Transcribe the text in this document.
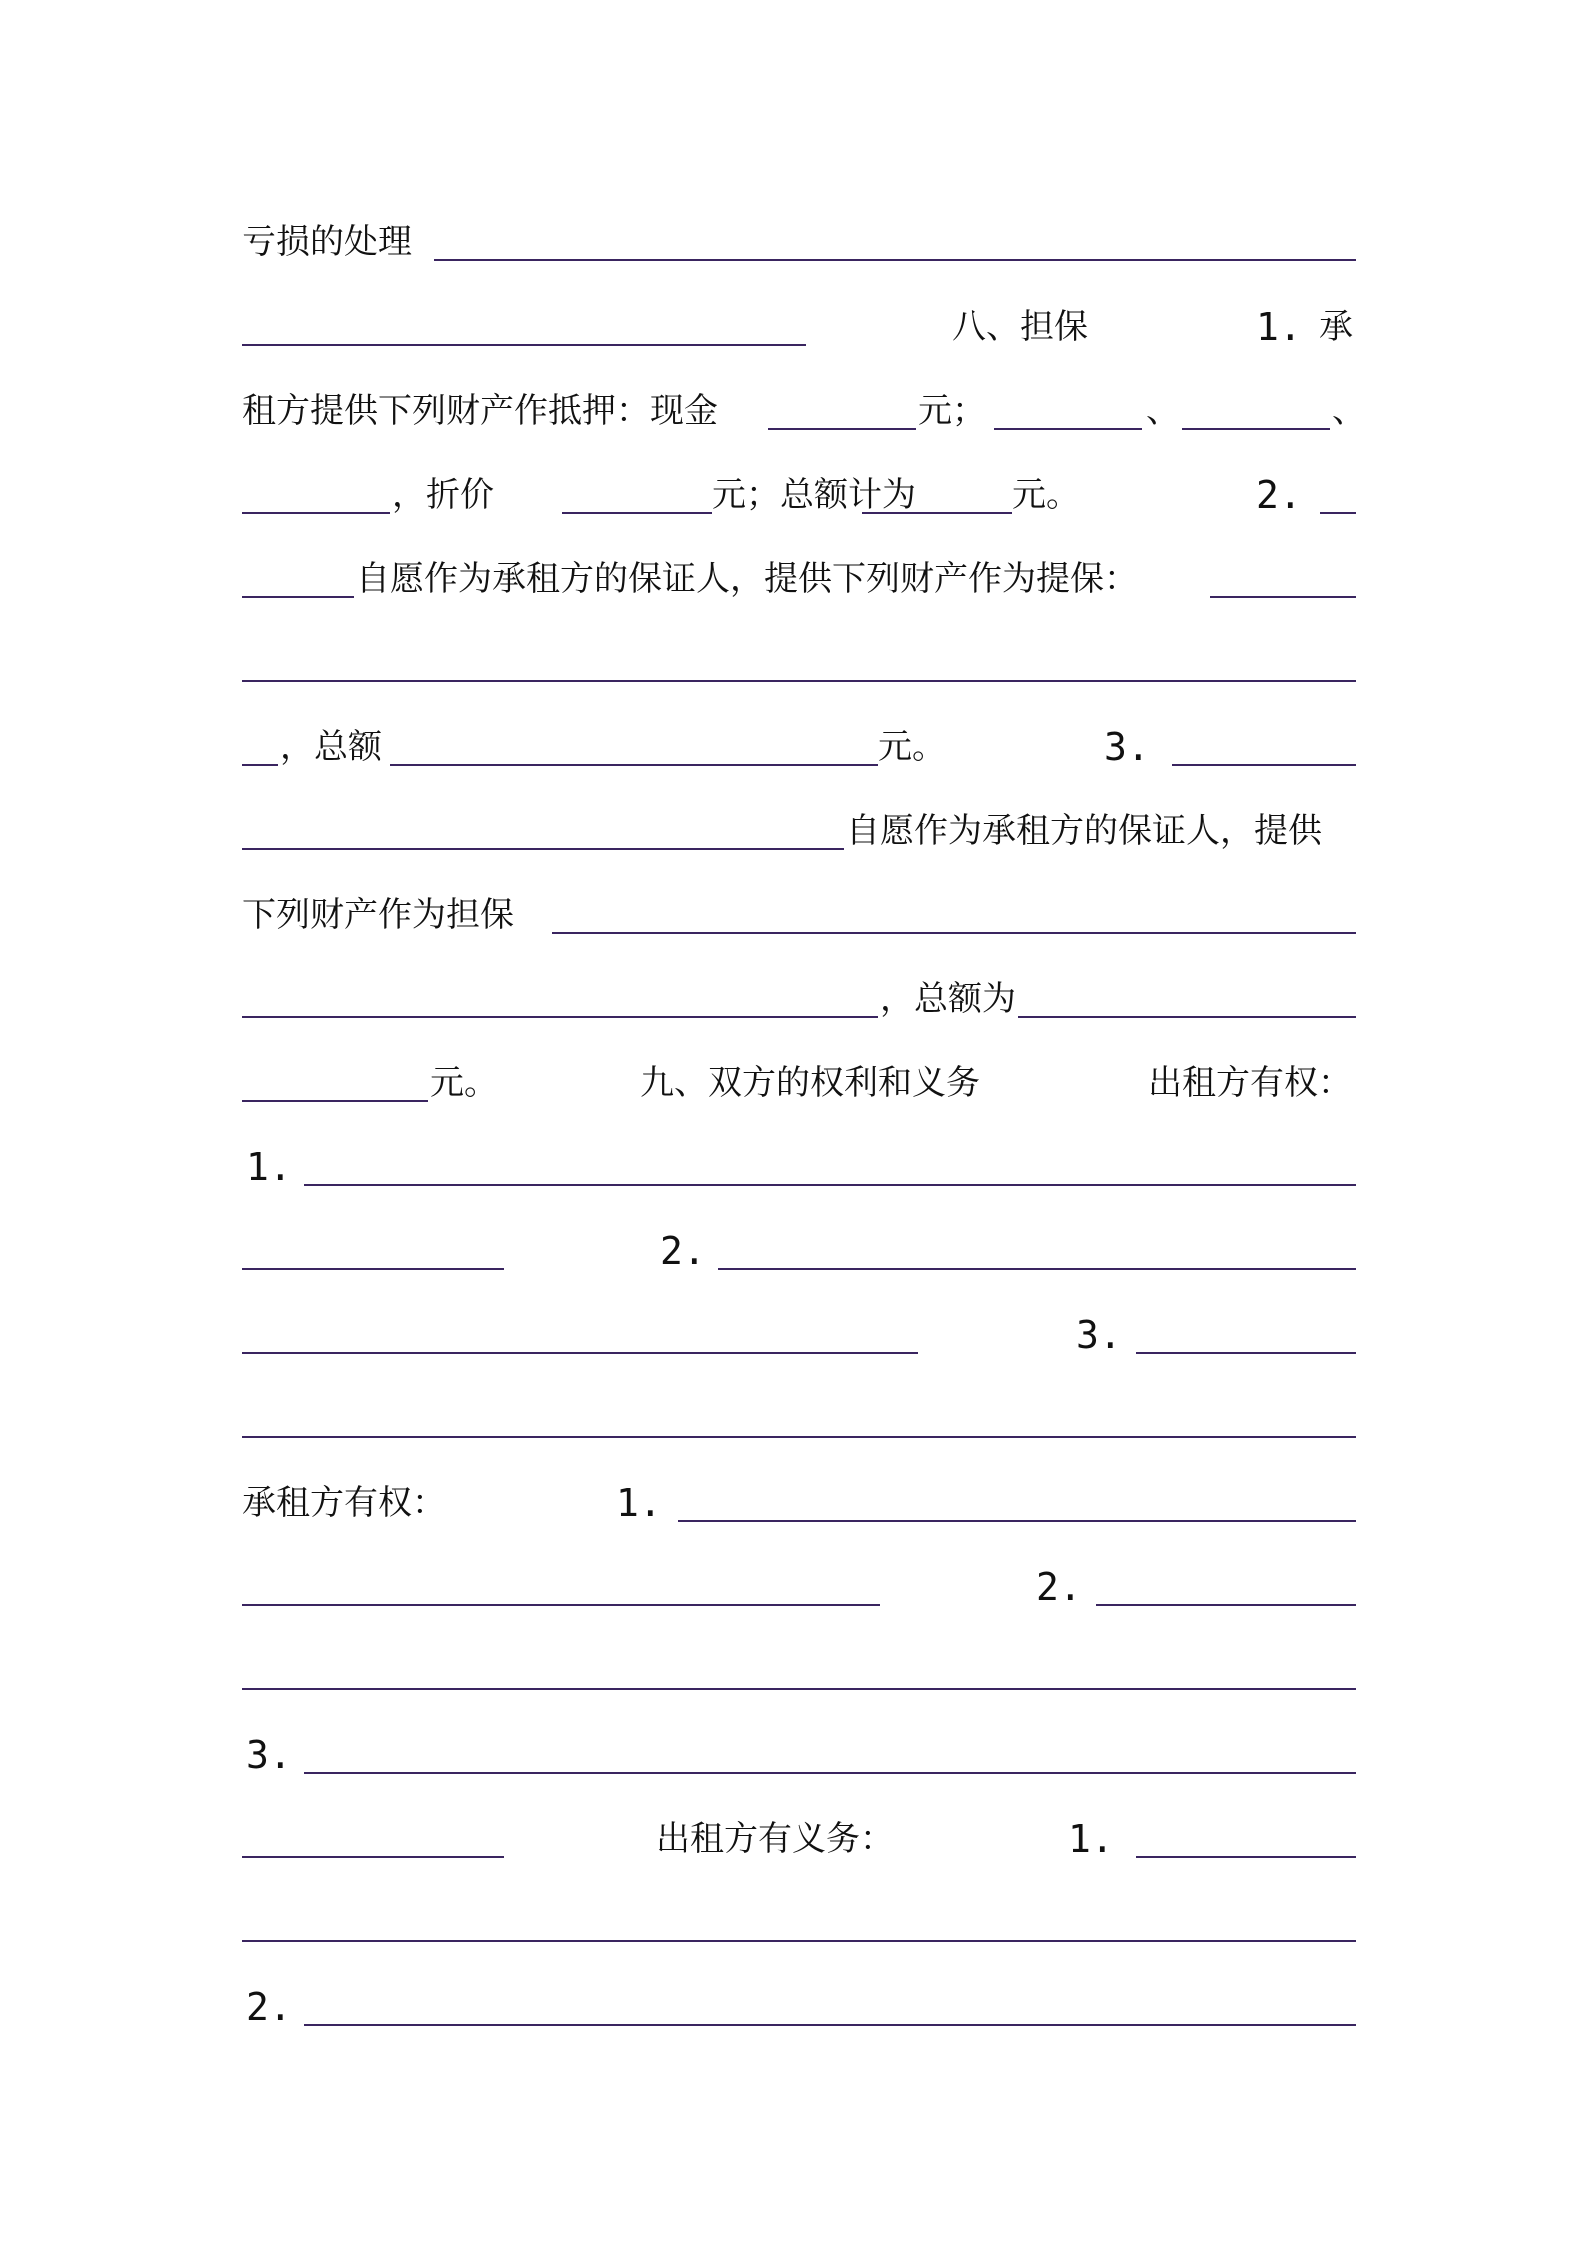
亏损的处理
八、担保	1. 承
租方提供下列财产作抵押：现金	元；	、	、
，折价	元；总额计为	元。	2.
自愿作为承租方的保证人，提供下列财产作为提保：
，总额	元。	3.
自愿作为承租方的保证人，提供
下列财产作为担保
，总额为
元。	九、双方的权利和义务	出租方有权：
1.
2.
3.
承租方有权：	1.
2.
3.
出租方有义务：	1.
2.
